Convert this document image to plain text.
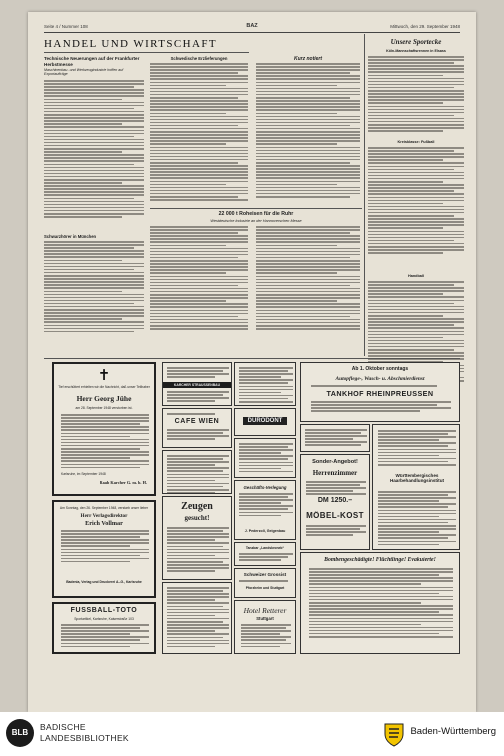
Seite 4 / Nummer 108	BAZ	Mittwoch, den 29. September 1948
HANDEL UND WIRTSCHAFT
Technische Neuerungen auf der Frankfurter Herbstmesse
Maschinenbau- und Werkzeugindustrie hoffen auf Exportaufträge
Schwarzhörer in München
Schwedische Erzlieferungen
22 000 t Roheisen für die Ruhr
Westdeutsche Industrie an der Hannoverschen Messe
Kurz notiert
Unsere Sportecke
Köln-Mannschaftsrennen in Elsass
Kreisklasse: Fußball
Handball
✝
Tief erschüttert erhielten wir die Nachricht, daß unser Teilhaber
Herr Georg Jühe
am 28. September 1948 verstorben ist.
Karlsruhe, im September 1948
Raab Karcher G. m. b. H.
Am Sonntag, den 26. September 1948, verstarb unser lieber
Herr Verlagsdirektor
Erich Vollmar
Badenia, Verlag und Druckerei A.-G., Karlsruhe
FUSSBALL-TOTO
Sportartikel, Karlsruhe, Kaiserstraße 103
KARCHER STRAUSSENBAU
CAFÉ WIEN
Zeugen
gesucht!
DURODONT
Geschäfts-Verlegung
J. Pederzoli, Geigenbau
Tanzbar „Landskroneb“
Schweizer Grossist
Pforzheim und Stuttgart
Hotel Retterer
Stuttgart
Ab 1. Oktober sonntags
Autopflege-, Wasch- u. Abschmierdienst
TANKHOF RHEINPREUSSEN
Sonder-Angebot!
Herrenzimmer
DM 1250.–
MÖBEL-KOST
Württembergisches Haarbehandlungsinstitut
Bombengeschädigte! Flüchtlinge! Evakuierte!
BLB
BADISCHE
LANDESBIBLIOTHEK
Baden-Württemberg
